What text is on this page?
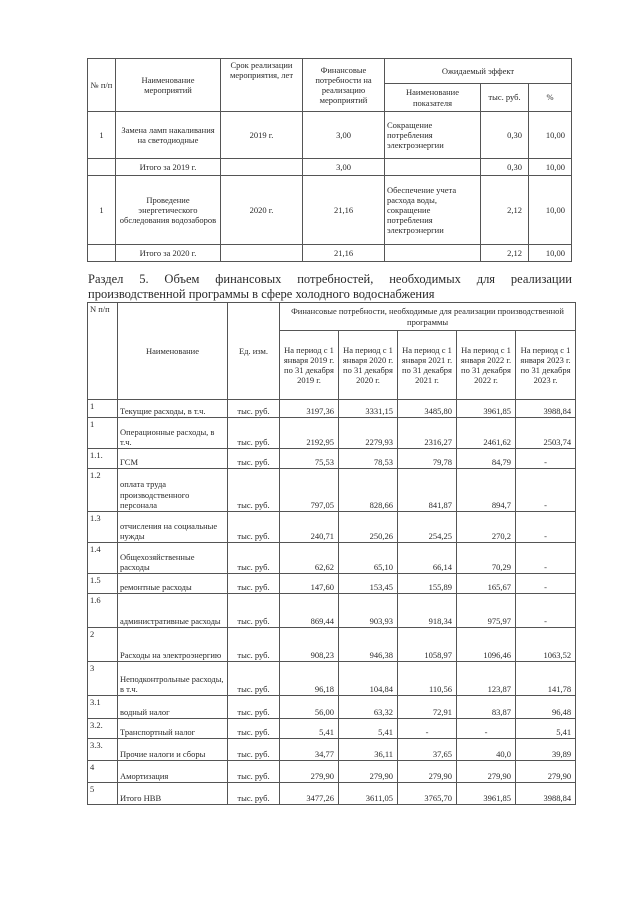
№ п/п	Наименование мероприятий	Срок реализации мероприятия, лет	Финансовые потребности на реализацию мероприятий	Ожидаемый эффект		
				Наименование показателя	тыс. руб.	%
1	Замена ламп накаливания на светодиодные	2019 г.	3,00	Сокращение потребления электроэнергии	0,30	10,00
	Итого за 2019 г.		3,00		0,30	10,00
1	Проведение энергетического обследования водозаборов	2020 г.	21,16	Обеспечение учета расхода воды, сокращение потребления электроэнергии	2,12	10,00
	Итого за 2020 г.		21,16		2,12	10,00

Раздел 5. Объем финансовых потребностей, необходимых для реализации производственной программы в сфере холодного водоснабжения

N п/п	Наименование	Ед. изм.	Финансовые потребности, необходимые для реализации производственной программы				
			На период с 1 января 2019 г. по 31 декабря 2019 г.	На период с 1 января 2020 г. по 31 декабря 2020 г.	На период с 1 января 2021 г. по 31 декабря 2021 г.	На период с 1 января 2022 г. по 31 декабря 2022 г.	На период с 1 января 2023 г. по 31 декабря 2023 г.
1	Текущие расходы, в т.ч.	тыс. руб.	3197,36	3331,15	3485,80	3961,85	3988,84
1	Операционные расходы, в т.ч.	тыс. руб.	2192,95	2279,93	2316,27	2461,62	2503,74
1.1.	ГСМ	тыс. руб.	75,53	78,53	79,78	84,79	-
1.2	оплата труда производственного персонала	тыс. руб.	797,05	828,66	841,87	894,7	-
1.3	отчисления на социальные нужды	тыс. руб.	240,71	250,26	254,25	270,2	-
1.4	Общехозяйственные расходы	тыс. руб.	62,62	65,10	66,14	70,29	-
1.5	ремонтные расходы	тыс. руб.	147,60	153,45	155,89	165,67	-
1.6	административные расходы	тыс. руб.	869,44	903,93	918,34	975,97	-
2	Расходы на электроэнергию	тыс. руб.	908,23	946,38	1058,97	1096,46	1063,52
3	Неподконтрольные расходы, в т.ч.	тыс. руб.	96,18	104,84	110,56	123,87	141,78
3.1	водный налог	тыс. руб.	56,00	63,32	72,91	83,87	96,48
3.2.	Транспортный налог	тыс. руб.	5,41	5,41	-	-	5,41
3.3.	Прочие налоги и сборы	тыс. руб.	34,77	36,11	37,65	40,0	39,89
4	Амортизация	тыс. руб.	279,90	279,90	279,90	279,90	279,90
5	Итого НВВ	тыс. руб.	3477,26	3611,05	3765,70	3961,85	3988,84
